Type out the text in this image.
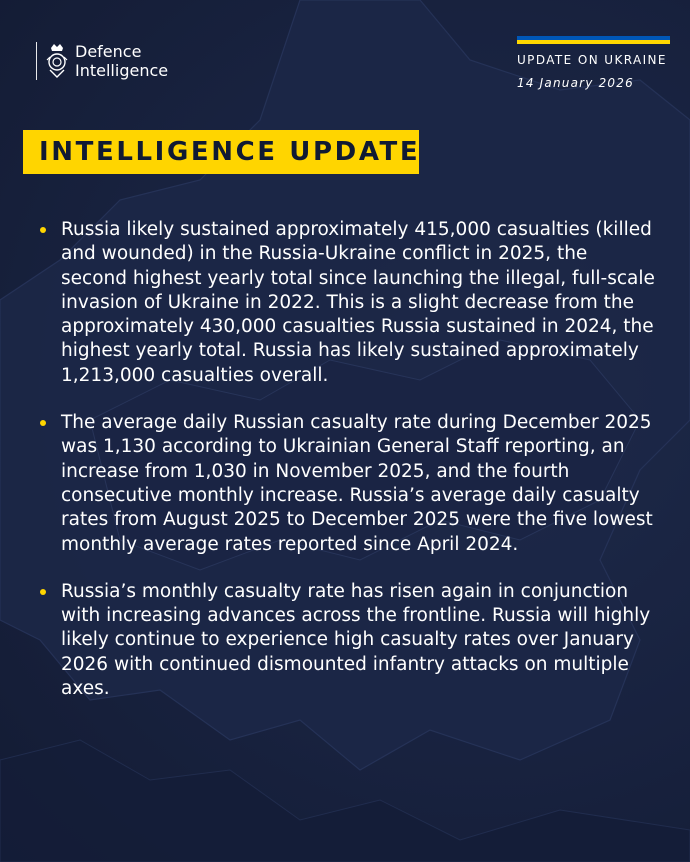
Defence
Intelligence
UPDATE ON UKRAINE
14 January 2026
INTELLIGENCE UPDATE
Russia likely sustained approximately 415,000 casualties (killed and wounded) in the Russia-Ukraine conflict in 2025, the second highest yearly total since launching the illegal, full-scale invasion of Ukraine in 2022. This is a slight decrease from the approximately 430,000 casualties Russia sustained in 2024, the highest yearly total. Russia has likely sustained approximately 1,213,000 casualties overall.
The average daily Russian casualty rate during December 2025 was 1,130 according to Ukrainian General Staff reporting, an increase from 1,030 in November 2025, and the fourth consecutive monthly increase. Russia’s average daily casualty rates from August 2025 to December 2025 were the five lowest monthly average rates reported since April 2024.
Russia’s monthly casualty rate has risen again in conjunction with increasing advances across the frontline. Russia will highly likely continue to experience high casualty rates over January 2026 with continued dismounted infantry attacks on multiple axes.
